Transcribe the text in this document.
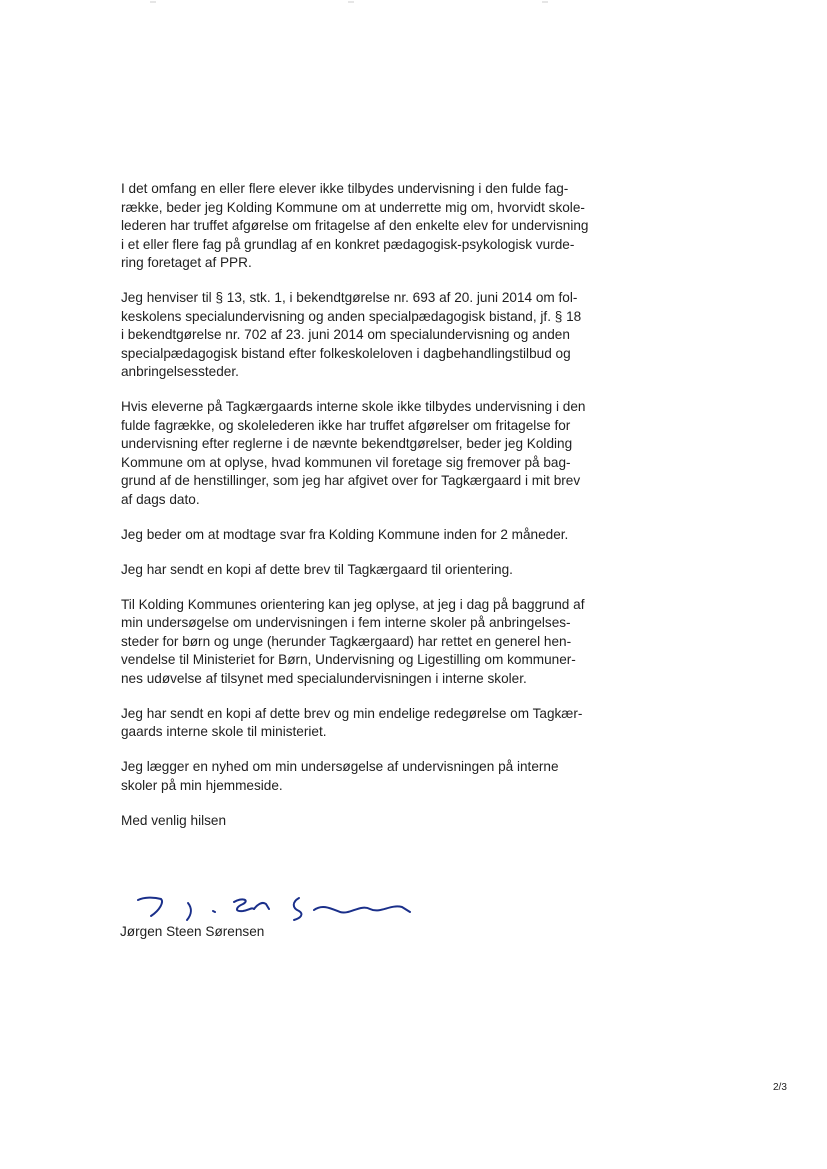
I det omfang en eller flere elever ikke tilbydes undervisning i den fulde fag-
række, beder jeg Kolding Kommune om at underrette mig om, hvorvidt skole-
lederen har truffet afgørelse om fritagelse af den enkelte elev for undervisning
i et eller flere fag på grundlag af en konkret pædagogisk-psykologisk vurde-
ring foretaget af PPR.

Jeg henviser til § 13, stk. 1, i bekendtgørelse nr. 693 af 20. juni 2014 om fol-
keskolens specialundervisning og anden specialpædagogisk bistand, jf. § 18
i bekendtgørelse nr. 702 af 23. juni 2014 om specialundervisning og anden
specialpædagogisk bistand efter folkeskoleloven i dagbehandlingstilbud og
anbringelsessteder.

Hvis eleverne på Tagkærgaards interne skole ikke tilbydes undervisning i den
fulde fagrække, og skolelederen ikke har truffet afgørelser om fritagelse for
undervisning efter reglerne i de nævnte bekendtgørelser, beder jeg Kolding
Kommune om at oplyse, hvad kommunen vil foretage sig fremover på bag-
grund af de henstillinger, som jeg har afgivet over for Tagkærgaard i mit brev
af dags dato.

Jeg beder om at modtage svar fra Kolding Kommune inden for 2 måneder.

Jeg har sendt en kopi af dette brev til Tagkærgaard til orientering.

Til Kolding Kommunes orientering kan jeg oplyse, at jeg i dag på baggrund af
min undersøgelse om undervisningen i fem interne skoler på anbringelses-
steder for børn og unge (herunder Tagkærgaard) har rettet en generel hen-
vendelse til Ministeriet for Børn, Undervisning og Ligestilling om kommuner-
nes udøvelse af tilsynet med specialundervisningen i interne skoler.

Jeg har sendt en kopi af dette brev og min endelige redegørelse om Tagkær-
gaards interne skole til ministeriet.

Jeg lægger en nyhed om min undersøgelse af undervisningen på interne
skoler på min hjemmeside.

Med venlig hilsen

Jørgen Steen Sørensen
2/3
